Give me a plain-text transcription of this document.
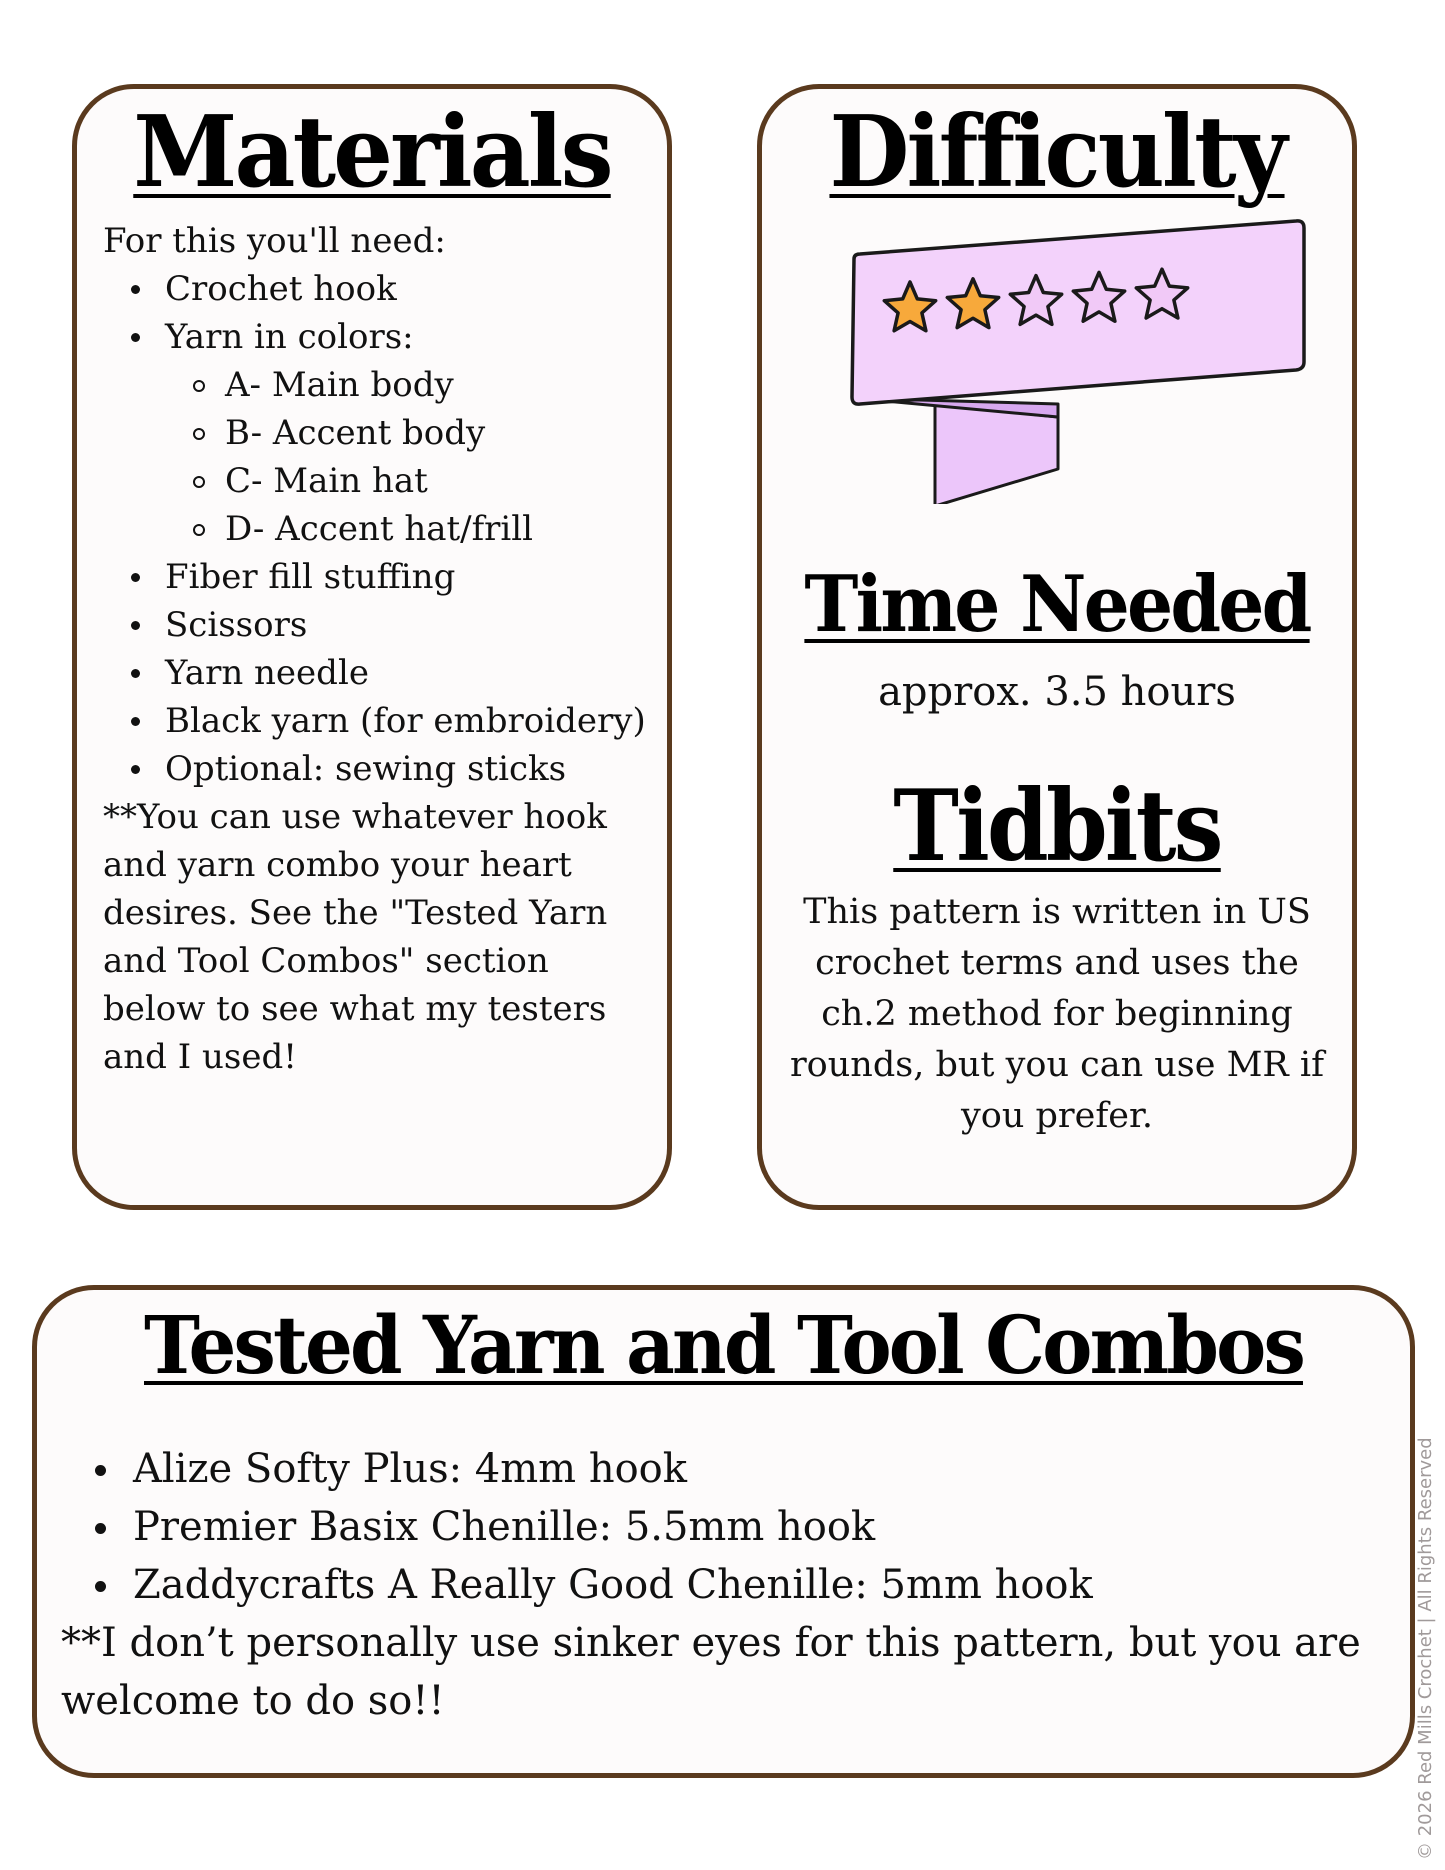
Materials

For this you'll need:

Crochet hook
Yarn in colors:
A- Main body
B- Accent body
C- Main hat
D- Accent hat/frill
Fiber fill stuffing
Scissors
Yarn needle
Black yarn (for embroidery)
Optional: sewing sticks

**You can use whatever hook and yarn combo your heart desires. See the "Tested Yarn and Tool Combos" section below to see what my testers and I used!

Difficulty
Time Needed
approx. 3.5 hours
Tidbits
This pattern is written in US crochet terms and uses the ch.2 method for beginning rounds, but you can use MR if you prefer.
Tested Yarn and Tool Combos
Alize Softy Plus: 4mm hook
Premier Basix Chenille: 5.5mm hook
Zaddycrafts A Really Good Chenille: 5mm hook

**I don’t personally use sinker eyes for this pattern, but you are welcome to do so!!	© 2026 Red Mills Crochet | All Rights Reserved
